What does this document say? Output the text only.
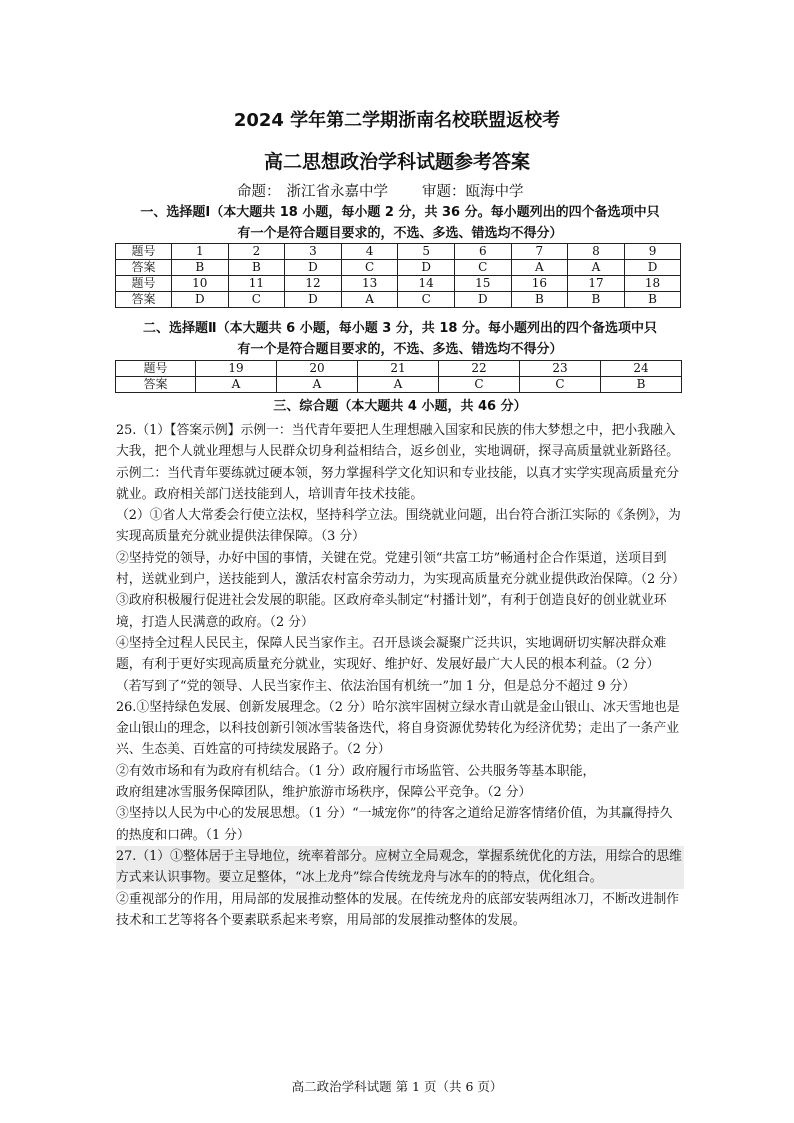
2024 学年第二学期浙南名校联盟返校考
高二思想政治学科试题参考答案
命题： 浙江省永嘉中学 审题：瓯海中学
一、选择题Ⅰ（本大题共 18 小题，每小题 2 分，共 36 分。每小题列出的四个备选项中只
有一个是符合题目要求的，不选、多选、错选均不得分）
题号	1	2	3	4	5	6	7	8	9
答案	B	B	D	C	D	C	A	A	D
题号	10	11	12	13	14	15	16	17	18
答案	D	C	D	A	C	D	B	B	B
二、选择题Ⅱ（本大题共 6 小题，每小题 3 分，共 18 分。每小题列出的四个备选项中只
有一个是符合题目要求的，不选、多选、错选均不得分）
题号	19	20	21	22	23	24
答案	A	A	A	C	C	B
三、综合题（本大题共 4 小题，共 46 分）

25.（1）【答案示例】示例一：当代青年要把人生理想融入国家和民族的伟大梦想之中，把小我融入大我，把个人就业理想与人民群众切身利益相结合，返乡创业，实地调研，探寻高质量就业新路径。

示例二：当代青年要练就过硬本领，努力掌握科学文化知识和专业技能，以真才实学实现高质量充分就业。政府相关部门送技能到人，培训青年技术技能。

（2）①省人大常委会行使立法权，坚持科学立法。围绕就业问题，出台符合浙江实际的《条例》，为实现高质量充分就业提供法律保障。（3 分）

②坚持党的领导，办好中国的事情，关键在党。党建引领“共富工坊”畅通村企合作渠道，送项目到村，送就业到户，送技能到人，激活农村富余劳动力，为实现高质量充分就业提供政治保障。（2 分）

③政府积极履行促进社会发展的职能。区政府牵头制定“村播计划”，有利于创造良好的创业就业环境，打造人民满意的政府。（2 分）

④坚持全过程人民民主，保障人民当家作主。召开恳谈会凝聚广泛共识，实地调研切实解决群众难题，有利于更好实现高质量充分就业，实现好、维护好、发展好最广大人民的根本利益。（2 分）

（若写到了“党的领导、人民当家作主、依法治国有机统一”加 1 分，但是总分不超过 9 分）

26.①坚持绿色发展、创新发展理念。（2 分）哈尔滨牢固树立绿水青山就是金山银山、冰天雪地也是金山银山的理念，以科技创新引领冰雪装备迭代，将自身资源优势转化为经济优势；走出了一条产业兴、生态美、百姓富的可持续发展路子。（2 分）

②有效市场和有为政府有机结合。（1 分）政府履行市场监管、公共服务等基本职能，

政府组建冰雪服务保障团队，维护旅游市场秩序，保障公平竞争。（2 分）

③坚持以人民为中心的发展思想。（1 分）“一城宠你”的待客之道给足游客情绪价值，为其赢得持久的热度和口碑。（1 分）

27.（1）①整体居于主导地位，统率着部分。应树立全局观念，掌握系统优化的方法，用综合的思维方式来认识事物。要立足整体，“冰上龙舟”综合传统龙舟与冰车的的特点，优化组合。

②重视部分的作用，用局部的发展推动整体的发展。在传统龙舟的底部安装两组冰刀，不断改进制作技术和工艺等将各个要素联系起来考察，用局部的发展推动整体的发展。

高二政治学科试题 第 1 页（共 6 页）
